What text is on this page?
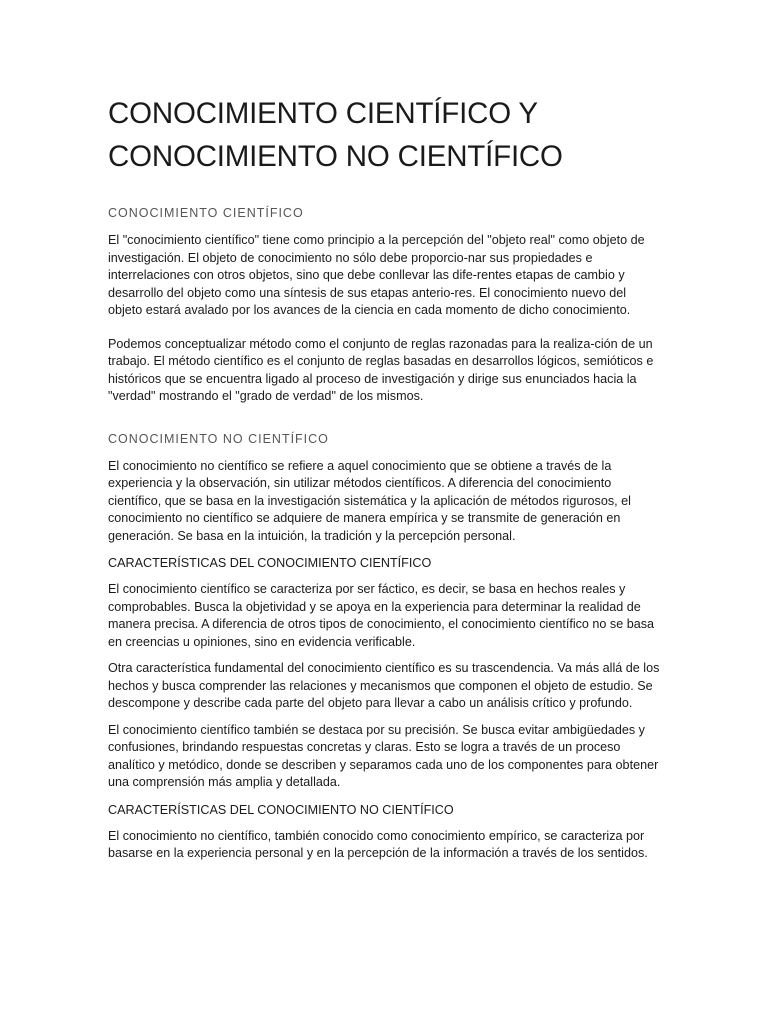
CONOCIMIENTO CIENTÍFICO Y
CONOCIMIENTO NO CIENTÍFICO
CONOCIMIENTO CIENTÍFICO

El "conocimiento científico" tiene como principio a la percepción del "objeto real" como objeto de investigación. El objeto de conocimiento no sólo debe proporcio-nar sus propiedades e interrelaciones con otros objetos, sino que debe conllevar las dife-rentes etapas de cambio y desarrollo del objeto como una síntesis de sus etapas anterio-res. El conocimiento nuevo del objeto estará avalado por los avances de la ciencia en cada momento de dicho conocimiento.

Podemos conceptualizar método como el conjunto de reglas razonadas para la realiza-ción de un trabajo. El método científico es el conjunto de reglas basadas en desarrollos lógicos, semióticos e históricos que se encuentra ligado al proceso de investigación y dirige sus enunciados hacia la "verdad" mostrando el "grado de verdad" de los mismos.

CONOCIMIENTO NO CIENTÍFICO

El conocimiento no científico se refiere a aquel conocimiento que se obtiene a través de la experiencia y la observación, sin utilizar métodos científicos. A diferencia del conocimiento científico, que se basa en la investigación sistemática y la aplicación de métodos rigurosos, el conocimiento no científico se adquiere de manera empírica y se transmite de generación en generación. Se basa en la intuición, la tradición y la percepción personal.

CARACTERÍSTICAS DEL CONOCIMIENTO CIENTÍFICO

El conocimiento científico se caracteriza por ser fáctico, es decir, se basa en hechos reales y comprobables. Busca la objetividad y se apoya en la experiencia para determinar la realidad de manera precisa. A diferencia de otros tipos de conocimiento, el conocimiento científico no se basa en creencias u opiniones, sino en evidencia verificable.

Otra característica fundamental del conocimiento científico es su trascendencia. Va más allá de los hechos y busca comprender las relaciones y mecanismos que componen el objeto de estudio. Se descompone y describe cada parte del objeto para llevar a cabo un análisis crítico y profundo.

El conocimiento científico también se destaca por su precisión. Se busca evitar ambigüedades y confusiones, brindando respuestas concretas y claras. Esto se logra a través de un proceso analítico y metódico, donde se describen y separamos cada uno de los componentes para obtener una comprensión más amplia y detallada.

CARACTERÍSTICAS DEL CONOCIMIENTO NO CIENTÍFICO

El conocimiento no científico, también conocido como conocimiento empírico, se caracteriza por basarse en la experiencia personal y en la percepción de la información a través de los sentidos.
